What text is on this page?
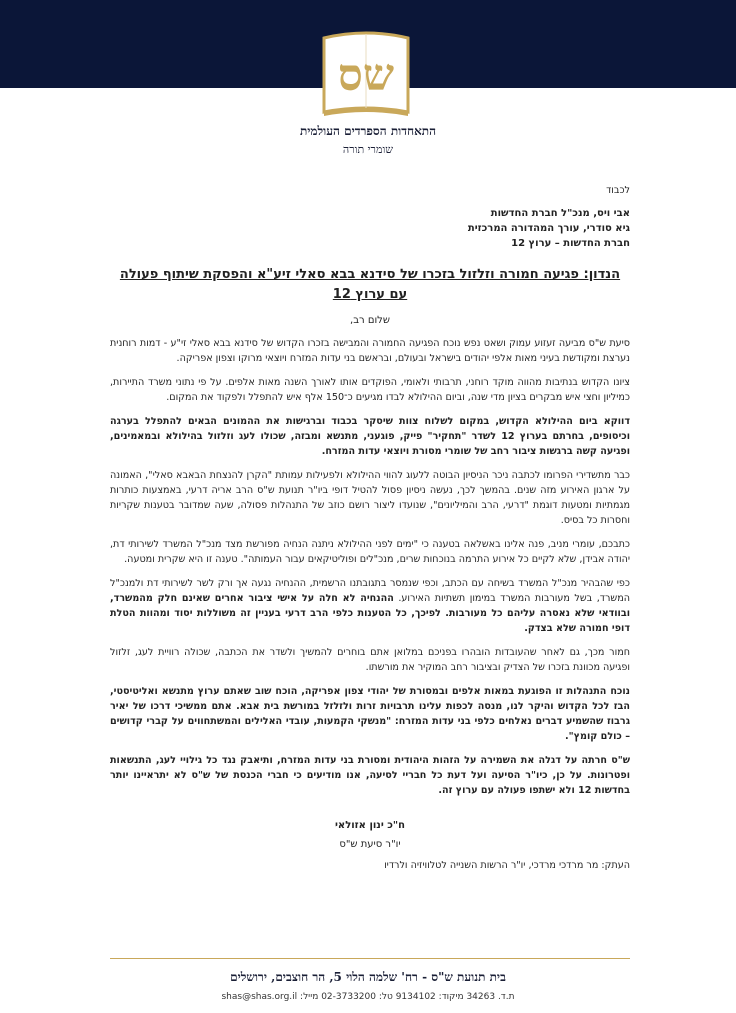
שס
התאחדות הספרדים העולמית
שומרי תורה

לכבוד

אבי ויס, מנכ"ל חברת החדשות

גיא סודרי, עורך המהדורה המרכזית

חברת החדשות – ערוץ 12

הנדון: פגיעה חמורה וזלזול בזכרו של סידנא בבא סאלי זיע"א והפסקת שיתוף פעולה עם ערוץ 12
שלום רב,

סיעת ש"ס מביעה זעזוע עמוק ושאט נפש נוכח הפגיעה החמורה והמבישה בזכרו הקדוש של סידנא בבא סאלי זי"ע - דמות רוחנית נערצת ומקודשת בעיני מאות אלפי יהודים בישראל ובעולם, ובראשם בני עדות המזרח ויוצאי מרוקו וצפון אפריקה.

ציונו הקדוש בנתיבות מהווה מוקד רוחני, תרבותי ולאומי, הפוקדים אותו לאורך השנה מאות אלפים. על פי נתוני משרד התיירות, כמיליון וחצי איש מבקרים בציון מדי שנה, וביום ההילולא לבדו מגיעים כ־150 אלף איש להתפלל ולפקוד את המקום.

דווקא ביום ההילולא הקדוש, במקום לשלוח צוות שיסקר בכבוד וברגישות את ההמונים הבאים להתפלל בערגה וכיסופים, בחרתם בערוץ 12 לשדר "תחקיר" פייק, פוגעני, מתנשא ומבזה, שכולו לעג וזלזול בהילולא ובמאמינים, ופגיעה קשה ברגשות ציבור רחב של שומרי מסורת ויוצאי עדות המזרח.

כבר מתשדירי הפרומו לכתבה ניכר הניסיון הבוטה ללעוג להווי ההילולא ולפעילות עמותת "הקרן להנצחת הבאבא סאלי", האמונה על ארגון האירוע מזה שנים. בהמשך לכך, נעשה ניסיון פסול להטיל דופי ביו"ר תנועת ש"ס הרב אריה דרעי, באמצעות כותרות מגמתיות ומטעות דוגמת "דרעי, הרב והמיליונים", שנועדו ליצור רושם כוזב של התנהלות פסולה, שעה שמדובר בטענות שקריות וחסרות כל בסיס.

כתבכם, עומרי מניב, פנה אלינו באשלאה בטענה כי "ימים לפני ההילולא ניתנה הנחיה מפורשת מצד מנכ"ל המשרד לשירותי דת, יהודה אבידן, שלא לקיים כל אירוע התרמה בנוכחות שרים, מנכ"לים ופוליטיקאים עבור העמותה". טענה זו היא שקרית ומטעה.

כפי שהבהיר מנכ"ל המשרד בשיחה עם הכתב, וכפי שנמסר בתגובתנו הרשמית, ההנחיה נגעה אך ורק לשר לשירותי דת ולמנכ"ל המשרד, בשל מעורבות המשרד במימון תשתיות האירוע. ההנחיה לא חלה על אישי ציבור אחרים שאינם חלק מהמשרד, ובוודאי שלא נאסרה עליהם כל מעורבות. לפיכך, כל הטענות כלפי הרב דרעי בעניין זה משוללות יסוד ומהוות הטלת דופי חמורה שלא בצדק.

חמור מכך, גם לאחר שהעובדות הובהרו בפניכם במלואן אתם בוחרים להמשיך ולשדר את הכתבה, שכולה רוויית לעג, זלזול ופגיעה מכוונת בזכרו של הצדיק ובציבור רחב המוקיר את מורשתו.

נוכח התנהלות זו הפוגעת במאות אלפים ובמסורת של יהודי צפון אפריקה, הוכח שוב שאתם ערוץ מתנשא ואליטיסטי, הבז לכל הקדוש והיקר לנו, מנסה לכפות עלינו תרבויות זרות ולזלזל במורשת בית אבא. אתם ממשיכי דרכו של יאיר גרבוז שהשמיע דברים נאלחים כלפי בני עדות המזרח: "מנשקי הקמעות, עובדי האלילים והמשתחווים על קברי קדושים – כולם קומץ".

ש"ס חרתה על דגלה את השמירה על הזהות היהודית ומסורת בני עדות המזרח, ותיאבק נגד כל גילויי לעג, התנשאות ופטרונות. על כן, כיו"ר הסיעה ועל דעת כל חבריי לסיעה, אנו מודיעים כי חברי הכנסת של ש"ס לא יתראיינו יותר בחדשות 12 ולא ישתפו פעולה עם ערוץ זה.

ח"כ ינון אזולאי

יו"ר סיעת ש"ס

העתק: מר מרדכי מרדכי, יו"ר הרשות השנייה לטלוויזיה ולרדיו

בית תנועת ש"ס - רח' שלמה הלוי 5, הר חוצבים, ירושלים
ת.ד. 34263 מיקוד: 9134102 טל: 02-3733200 מייל: shas@shas.org.il
